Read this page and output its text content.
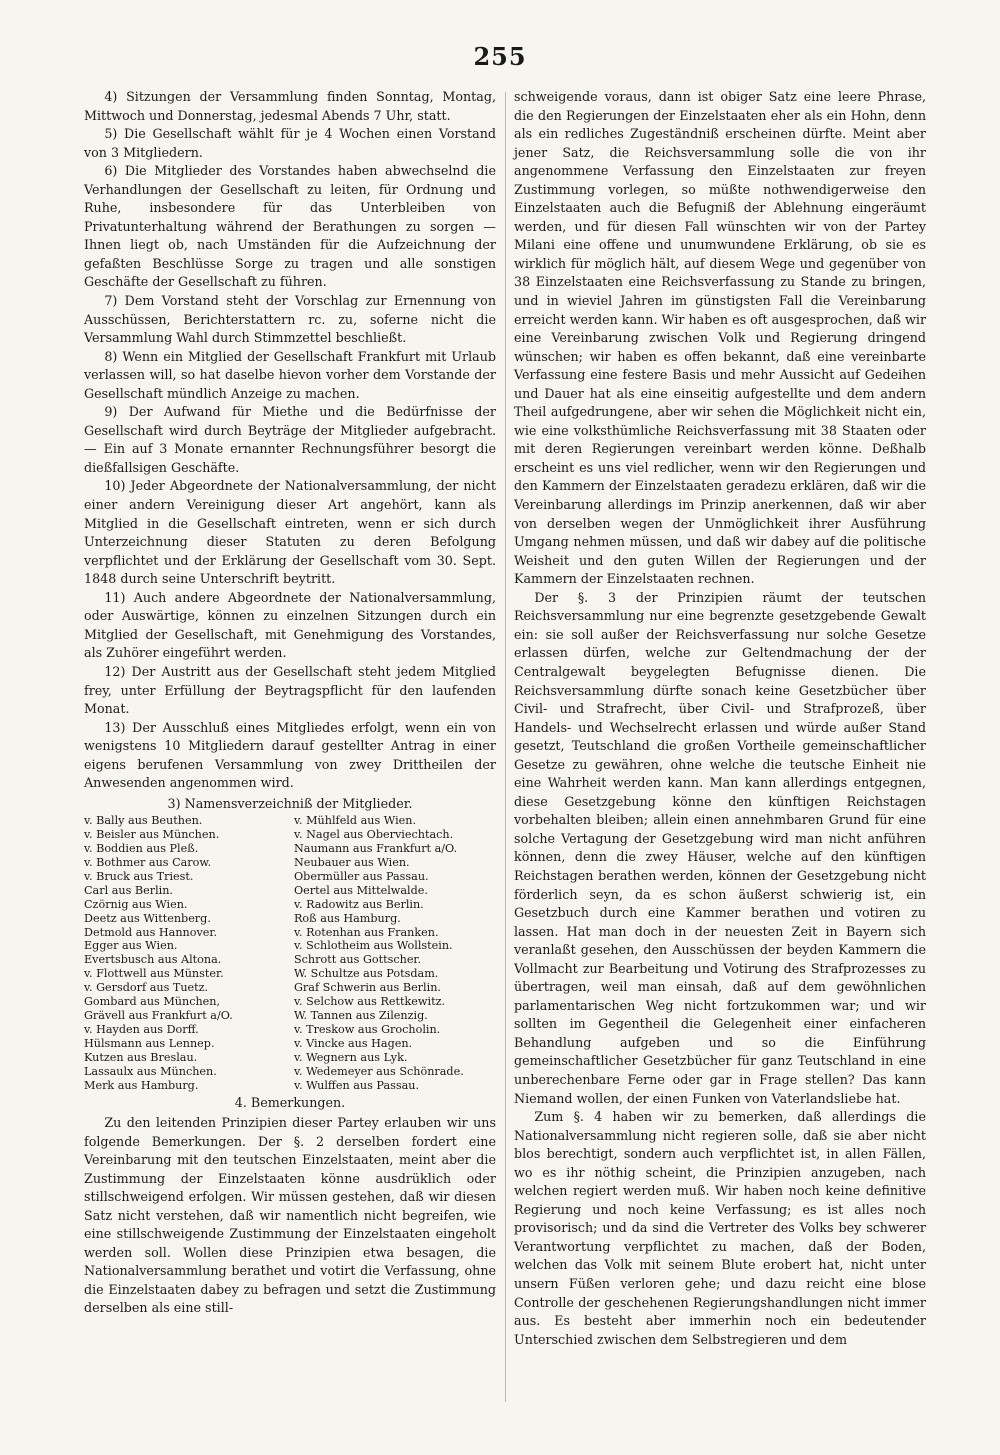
255

4) Sitzungen der Versammlung finden Sonntag, Montag, Mittwoch und Donnerstag, jedesmal Abends 7 Uhr, statt.

5) Die Gesellschaft wählt für je 4 Wochen einen Vorstand von 3 Mitgliedern.

6) Die Mitglieder des Vorstandes haben abwechselnd die Verhandlungen der Gesellschaft zu leiten, für Ordnung und Ruhe, insbesondere für das Unterbleiben von Privatunterhaltung während der Berathungen zu sorgen — Ihnen liegt ob, nach Umständen für die Aufzeichnung der gefaßten Beschlüsse Sorge zu tragen und alle sonstigen Geschäfte der Gesellschaft zu führen.

7) Dem Vorstand steht der Vorschlag zur Ernennung von Ausschüssen, Berichterstattern rc. zu, soferne nicht die Versammlung Wahl durch Stimmzettel beschließt.

8) Wenn ein Mitglied der Gesellschaft Frankfurt mit Urlaub verlassen will, so hat daselbe hievon vorher dem Vorstande der Gesellschaft mündlich Anzeige zu machen.

9) Der Aufwand für Miethe und die Bedürfnisse der Gesellschaft wird durch Beyträge der Mitglieder aufgebracht. — Ein auf 3 Monate ernannter Rechnungsführer besorgt die dießfallsigen Geschäfte.

10) Jeder Abgeordnete der Nationalversammlung, der nicht einer andern Vereinigung dieser Art angehört, kann als Mitglied in die Gesellschaft eintreten, wenn er sich durch Unterzeichnung dieser Statuten zu deren Befolgung verpflichtet und der Erklärung der Gesellschaft vom 30. Sept. 1848 durch seine Unterschrift beytritt.

11) Auch andere Abgeordnete der Nationalversammlung, oder Auswärtige, können zu einzelnen Sitzungen durch ein Mitglied der Gesellschaft, mit Genehmigung des Vorstandes, als Zuhörer eingeführt werden.

12) Der Austritt aus der Gesellschaft steht jedem Mitglied frey, unter Erfüllung der Beytragspflicht für den laufenden Monat.

13) Der Ausschluß eines Mitgliedes erfolgt, wenn ein von wenigstens 10 Mitgliedern darauf gestellter Antrag in einer eigens berufenen Versammlung von zwey Drittheilen der Anwesenden angenommen wird.

3) Namensverzeichniß der Mitglieder.
v. Bally aus Beuthen.	v. Mühlfeld aus Wien.
v. Beisler aus München.	v. Nagel aus Oberviechtach.
v. Boddien aus Pleß.	Naumann aus Frankfurt a/O.
v. Bothmer aus Carow.	Neubauer aus Wien.
v. Bruck aus Triest.	Obermüller aus Passau.
Carl aus Berlin.	Oertel aus Mittelwalde.
Czörnig aus Wien.	v. Radowitz aus Berlin.
Deetz aus Wittenberg.	Roß aus Hamburg.
Detmold aus Hannover.	v. Rotenhan aus Franken.
Egger aus Wien.	v. Schlotheim aus Wollstein.
Evertsbusch aus Altona.	Schrott aus Gottscher.
v. Flottwell aus Münster.	W. Schultze aus Potsdam.
v. Gersdorf aus Tuetz.	Graf Schwerin aus Berlin.
Gombard aus München,	v. Selchow aus Rettkewitz.
Grävell aus Frankfurt a/O.	W. Tannen aus Zilenzig.
v. Hayden aus Dorff.	v. Treskow aus Grocholin.
Hülsmann aus Lennep.	v. Vincke aus Hagen.
Kutzen aus Breslau.	v. Wegnern aus Lyk.
Lassaulx aus München.	v. Wedemeyer aus Schönrade.
Merk aus Hamburg.	v. Wulffen aus Passau.
4. Bemerkungen.

Zu den leitenden Prinzipien dieser Partey erlauben wir uns folgende Bemerkungen. Der §. 2 derselben fordert eine Vereinbarung mit den teutschen Einzelstaaten, meint aber die Zustimmung der Einzelstaaten könne ausdrüklich oder stillschweigend erfolgen. Wir müssen gestehen, daß wir diesen Satz nicht verstehen, daß wir namentlich nicht begreifen, wie eine stillschweigende Zustimmung der Einzelstaaten eingeholt werden soll. Wollen diese Prinzipien etwa besagen, die Nationalversammlung berathet und votirt die Verfassung, ohne die Einzelstaaten dabey zu befragen und setzt die Zustimmung derselben als eine still-

schweigende voraus, dann ist obiger Satz eine leere Phrase, die den Regierungen der Einzelstaaten eher als ein Hohn, denn als ein redliches Zugeständniß erscheinen dürfte. Meint aber jener Satz, die Reichsversammlung solle die von ihr angenommene Verfassung den Einzelstaaten zur freyen Zustimmung vorlegen, so müßte nothwendigerweise den Einzelstaaten auch die Befugniß der Ablehnung eingeräumt werden, und für diesen Fall wünschten wir von der Partey Milani eine offene und unumwundene Erklärung, ob sie es wirklich für möglich hält, auf diesem Wege und gegenüber von 38 Einzelstaaten eine Reichsverfassung zu Stande zu bringen, und in wieviel Jahren im günstigsten Fall die Vereinbarung erreicht werden kann. Wir haben es oft ausgesprochen, daß wir eine Vereinbarung zwischen Volk und Regierung dringend wünschen; wir haben es offen bekannt, daß eine vereinbarte Verfassung eine festere Basis und mehr Aussicht auf Gedeihen und Dauer hat als eine einseitig aufgestellte und dem andern Theil aufgedrungene, aber wir sehen die Möglichkeit nicht ein, wie eine volksthümliche Reichsverfassung mit 38 Staaten oder mit deren Regierungen vereinbart werden könne. Deßhalb erscheint es uns viel redlicher, wenn wir den Regierungen und den Kammern der Einzelstaaten geradezu erklären, daß wir die Vereinbarung allerdings im Prinzip anerkennen, daß wir aber von derselben wegen der Unmöglichkeit ihrer Ausführung Umgang nehmen müssen, und daß wir dabey auf die politische Weisheit und den guten Willen der Regierungen und der Kammern der Einzelstaaten rechnen.

Der §. 3 der Prinzipien räumt der teutschen Reichsversammlung nur eine begrenzte gesetzgebende Gewalt ein: sie soll außer der Reichsverfassung nur solche Gesetze erlassen dürfen, welche zur Geltendmachung der der Centralgewalt beygelegten Befugnisse dienen. Die Reichsversammlung dürfte sonach keine Gesetzbücher über Civil- und Strafrecht, über Civil- und Strafprozeß, über Handels- und Wechselrecht erlassen und würde außer Stand gesetzt, Teutschland die großen Vortheile gemeinschaftlicher Gesetze zu gewähren, ohne welche die teutsche Einheit nie eine Wahrheit werden kann. Man kann allerdings entgegnen, diese Gesetzgebung könne den künftigen Reichstagen vorbehalten bleiben; allein einen annehmbaren Grund für eine solche Vertagung der Gesetzgebung wird man nicht anführen können, denn die zwey Häuser, welche auf den künftigen Reichstagen berathen werden, können der Gesetzgebung nicht förderlich seyn, da es schon äußerst schwierig ist, ein Gesetzbuch durch eine Kammer berathen und votiren zu lassen. Hat man doch in der neuesten Zeit in Bayern sich veranlaßt gesehen, den Ausschüssen der beyden Kammern die Vollmacht zur Bearbeitung und Votirung des Strafprozesses zu übertragen, weil man einsah, daß auf dem gewöhnlichen parlamentarischen Weg nicht fortzukommen war; und wir sollten im Gegentheil die Gelegenheit einer einfacheren Behandlung aufgeben und so die Einführung gemeinschaftlicher Gesetzbücher für ganz Teutschland in eine unberechenbare Ferne oder gar in Frage stellen? Das kann Niemand wollen, der einen Funken von Vaterlandsliebe hat.

Zum §. 4 haben wir zu bemerken, daß allerdings die Nationalversammlung nicht regieren solle, daß sie aber nicht blos berechtigt, sondern auch verpflichtet ist, in allen Fällen, wo es ihr nöthig scheint, die Prinzipien anzugeben, nach welchen regiert werden muß. Wir haben noch keine definitive Regierung und noch keine Verfassung; es ist alles noch provisorisch; und da sind die Vertreter des Volks bey schwerer Verantwortung verpflichtet zu machen, daß der Boden, welchen das Volk mit seinem Blute erobert hat, nicht unter unsern Füßen verloren gehe; und dazu reicht eine blose Controlle der geschehenen Regierungshandlungen nicht immer aus. Es besteht aber immerhin noch ein bedeutender Unterschied zwischen dem Selbstregieren und dem
